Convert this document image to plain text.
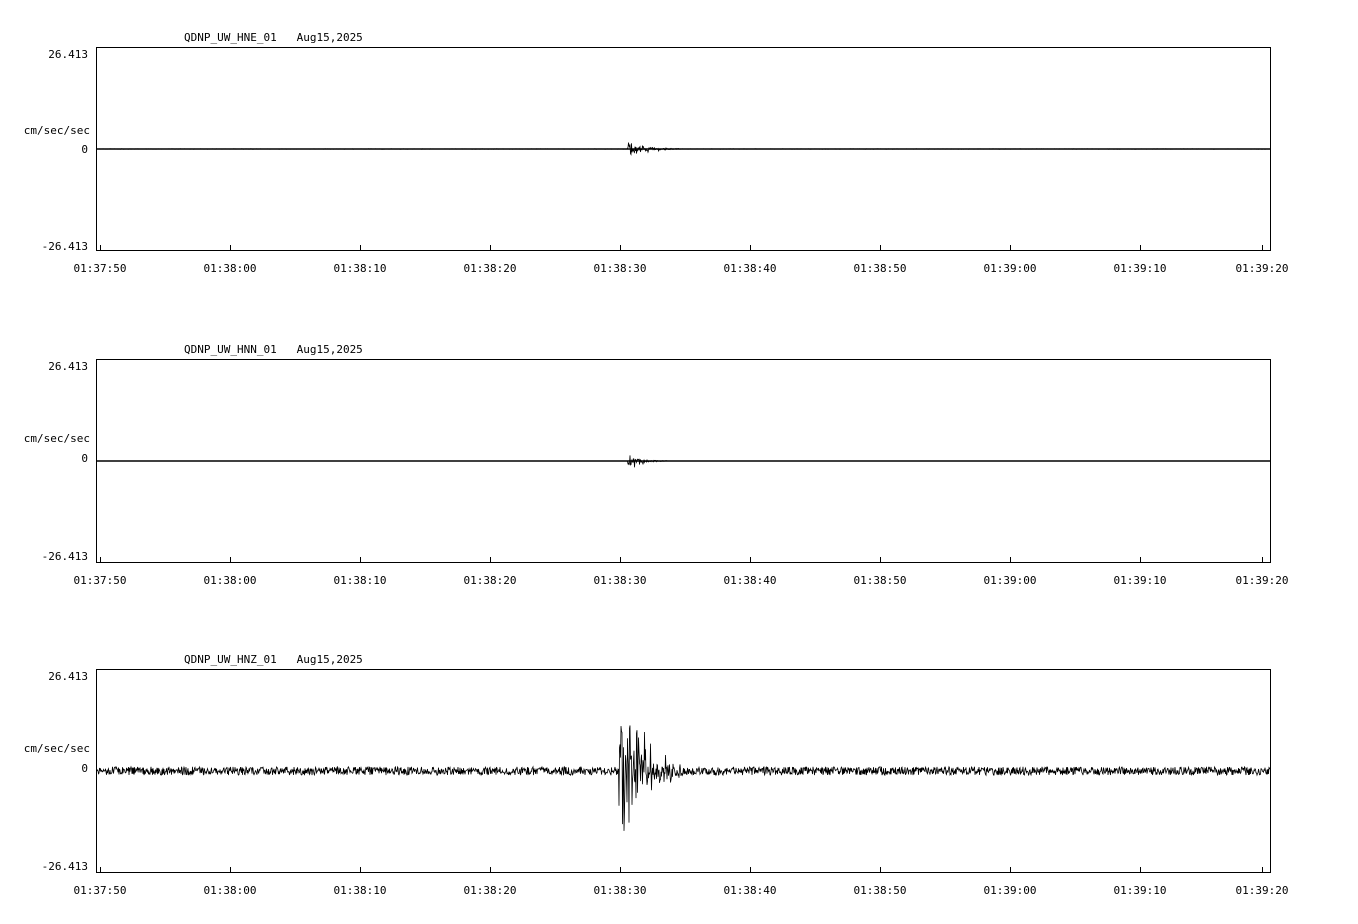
QDNP_UW_HNE_01   Aug15,2025
cm/sec/sec
26.413
0
-26.413
01:37:50	01:38:00	01:38:10	01:38:20	01:38:30	01:38:40	01:38:50	01:39:00	01:39:10	01:39:20
QDNP_UW_HNN_01   Aug15,2025
cm/sec/sec
26.413
0
-26.413
01:37:50	01:38:00	01:38:10	01:38:20	01:38:30	01:38:40	01:38:50	01:39:00	01:39:10	01:39:20
QDNP_UW_HNZ_01   Aug15,2025
cm/sec/sec
26.413
0
-26.413
01:37:50	01:38:00	01:38:10	01:38:20	01:38:30	01:38:40	01:38:50	01:39:00	01:39:10	01:39:20
